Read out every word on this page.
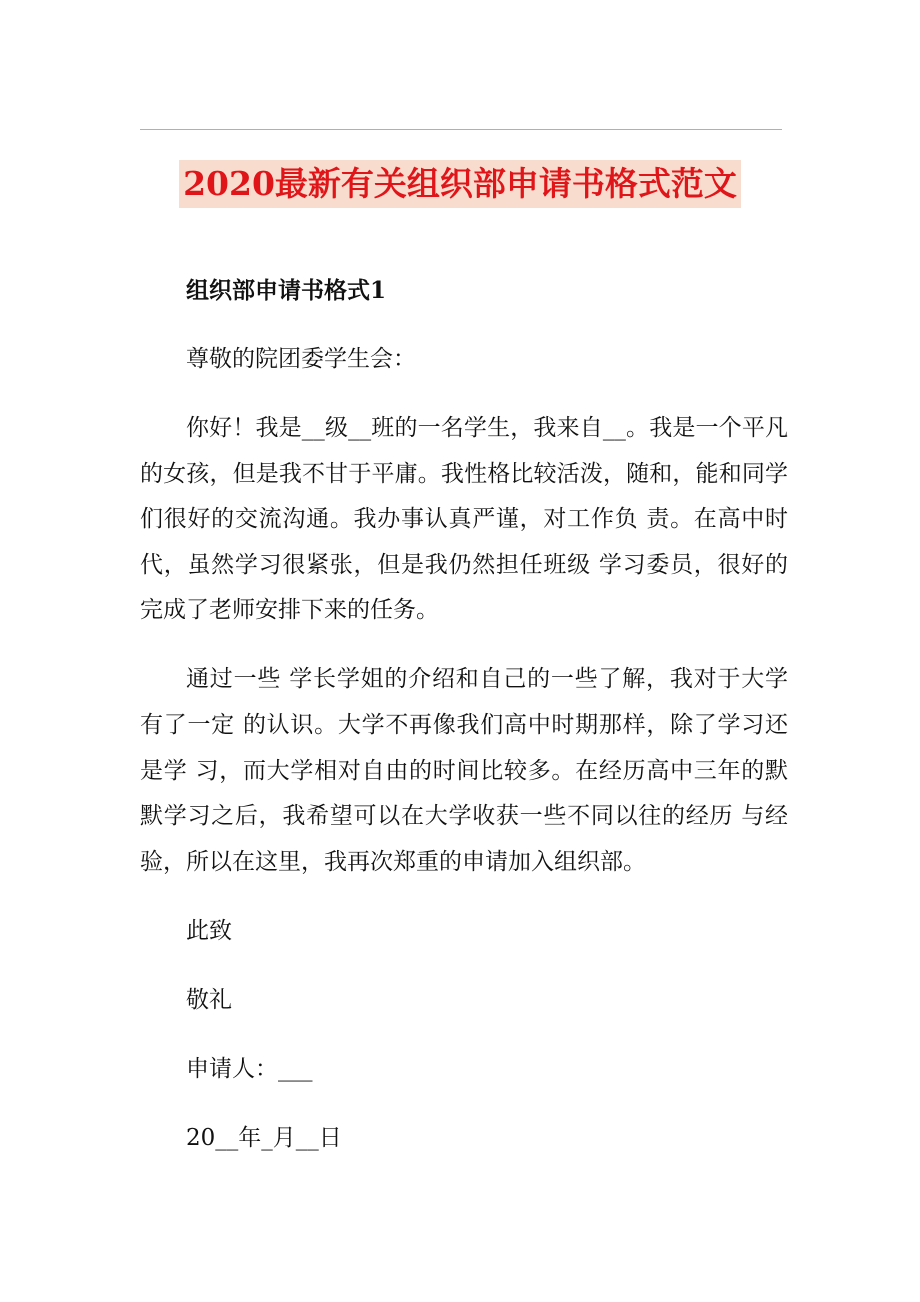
2020最新有关组织部申请书格式范文

组织部申请书格式1

尊敬的院团委学生会：

你好！我是__级__班的一名学生，我来自__。我是一个平凡的女孩，但是我不甘于平庸。我性格比较活泼，随和，能和同学们很好的交流沟通。我办事认真严谨，对工作负 责。在高中时代，虽然学习很紧张，但是我仍然担任班级 学习委员，很好的完成了老师安排下来的任务。

通过一些 学长学姐的介绍和自己的一些了解，我对于大学有了一定 的认识。大学不再像我们高中时期那样，除了学习还是学 习，而大学相对自由的时间比较多。在经历高中三年的默默学习之后，我希望可以在大学收获一些不同以往的经历 与经验，所以在这里，我再次郑重的申请加入组织部。

此致

敬礼

申请人：___

20__年_月__日
